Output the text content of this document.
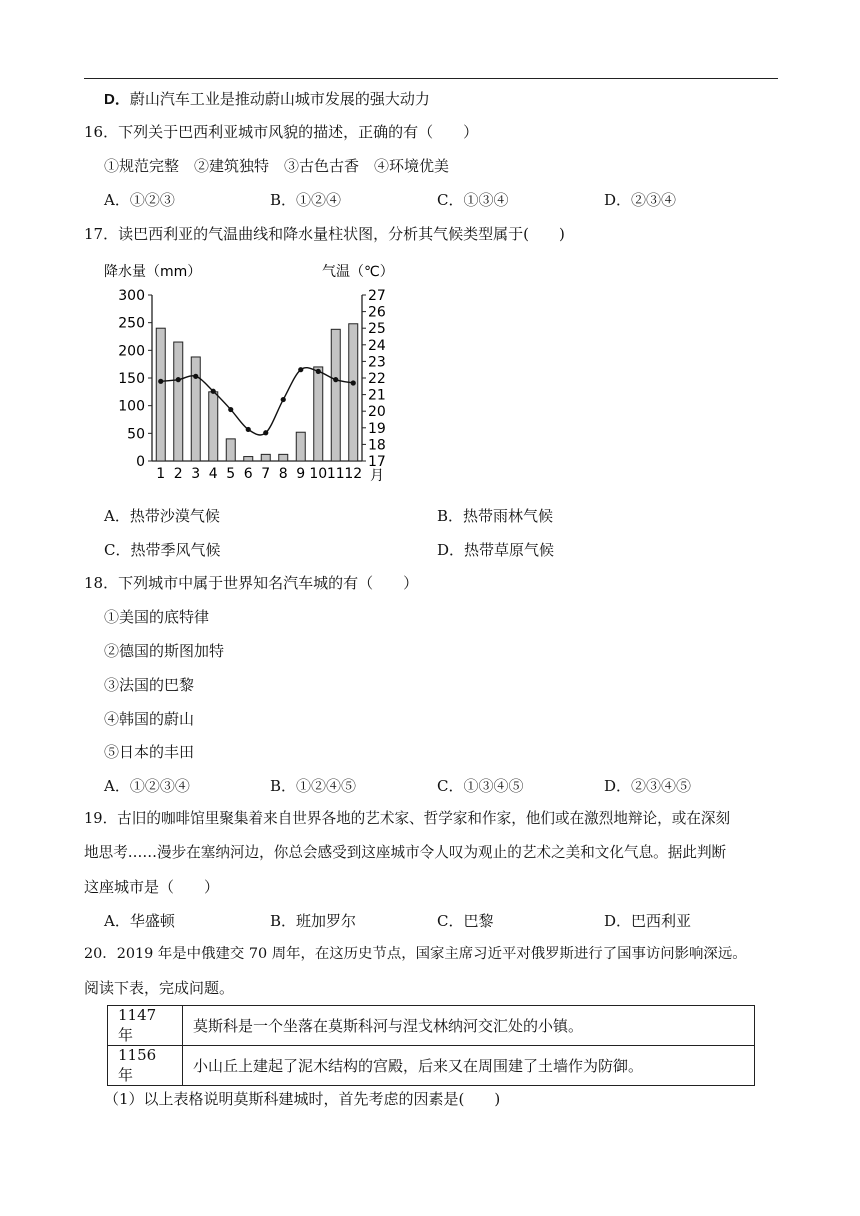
D．蔚山汽车工业是推动蔚山城市发展的强大动力
16．下列关于巴西利亚城市风貌的描述，正确的有（　　）
①规范完整　②建筑独特　③古色古香　④环境优美
A．①②③	B．①②④	C．①③④	D．②③④
17．读巴西利亚的气温曲线和降水量柱状图，分析其气候类型属于(　　)
降水量（mm）	气温（℃）
0
50
100
150
200
250
300
17
18
19
20
21
22
23
24
25
26
27
1 2 3 4 5 6 7 8 9 10 11 12 月
A．热带沙漠气候	B．热带雨林气候
C．热带季风气候	D．热带草原气候
18．下列城市中属于世界知名汽车城的有（　　）
①美国的底特律
②德国的斯图加特
③法国的巴黎
④韩国的蔚山
⑤日本的丰田
A．①②③④	B．①②④⑤	C．①③④⑤	D．②③④⑤
19．古旧的咖啡馆里聚集着来自世界各地的艺术家、哲学家和作家，他们或在激烈地辩论，或在深刻
地思考……漫步在塞纳河边，你总会感受到这座城市令人叹为观止的艺术之美和文化气息。据此判断
这座城市是（　　）
A．华盛顿	B．班加罗尔	C．巴黎	D．巴西利亚
20．2019 年是中俄建交 70 周年，在这历史节点，国家主席习近平对俄罗斯进行了国事访问影响深远。
阅读下表，完成问题。
1147 年	莫斯科是一个坐落在莫斯科河与涅戈林纳河交汇处的小镇。
1156 年	小山丘上建起了泥木结构的宫殿，后来又在周围建了土墙作为防御。
（1）以上表格说明莫斯科建城时，首先考虑的因素是(　　)
